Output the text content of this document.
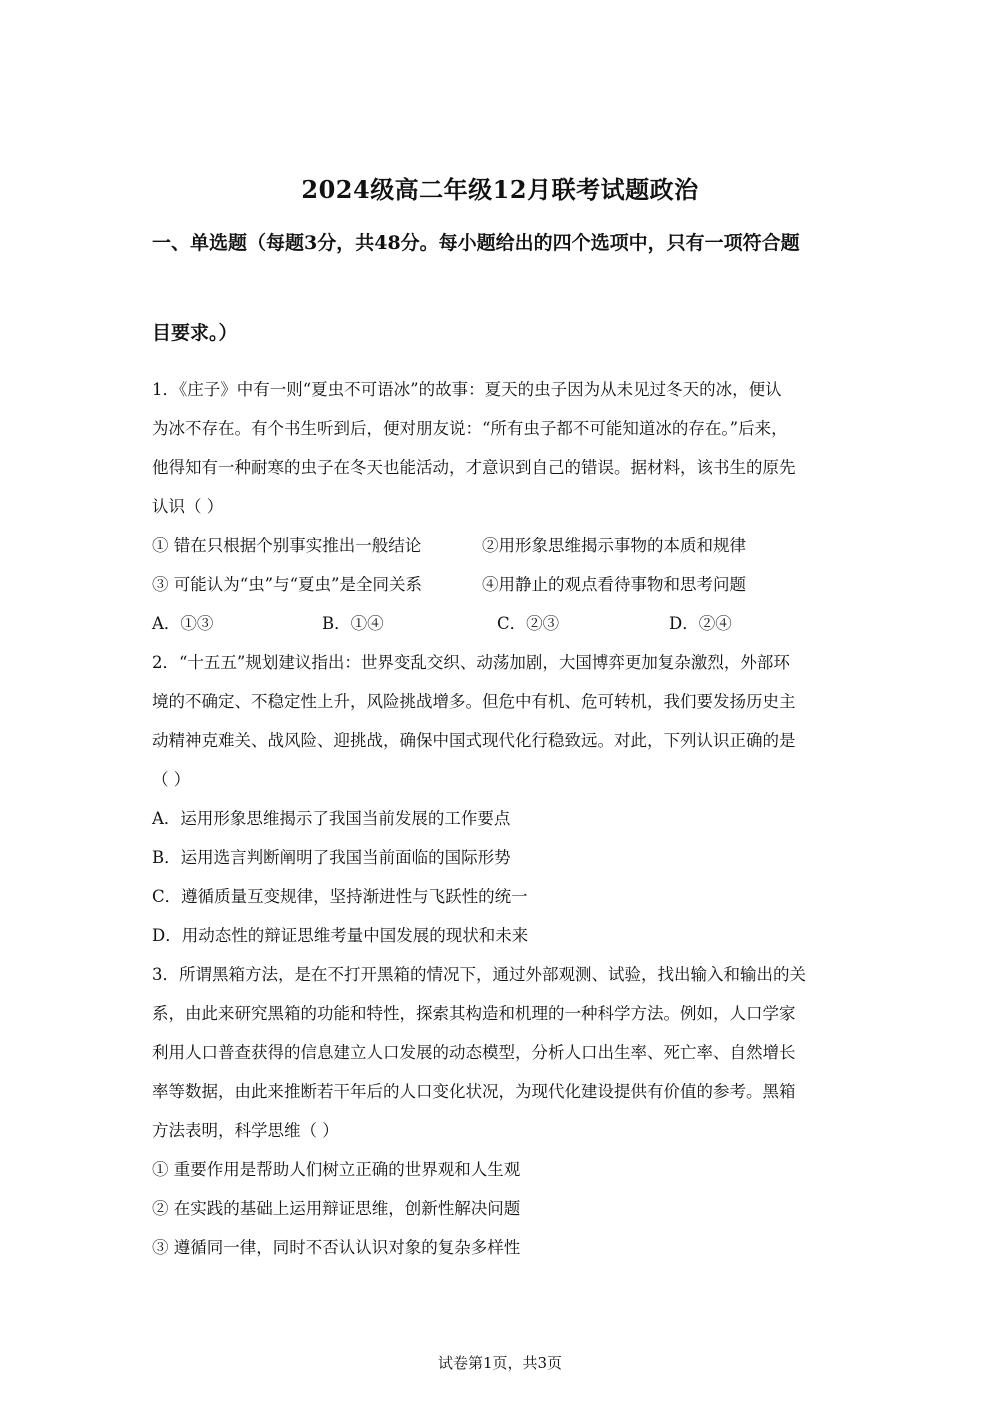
2024级高二年级12月联考试题政治
一、单选题（每题3分，共48分。每小题给出的四个选项中，只有一项符合题
目要求。）
1．《庄子》中有一则“夏虫不可语冰”的故事：夏天的虫子因为从未见过冬天的冰，便认
为冰不存在。有个书生听到后，便对朋友说：“所有虫子都不可能知道冰的存在。”后来，
他得知有一种耐寒的虫子在冬天也能活动，才意识到自己的错误。据材料，该书生的原先
认识（ ）
① 错在只根据个别事实推出一般结论	②用形象思维揭示事物的本质和规律
③ 可能认为“虫”与“夏虫”是全同关系	④用静止的观点看待事物和思考问题
A．①③	B．①④	C．②③	D．②④
2．“十五五”规划建议指出：世界变乱交织、动荡加剧，大国博弈更加复杂激烈，外部环
境的不确定、不稳定性上升，风险挑战增多。但危中有机、危可转机，我们要发扬历史主
动精神克难关、战风险、迎挑战，确保中国式现代化行稳致远。对此，下列认识正确的是
（ ）
A．运用形象思维揭示了我国当前发展的工作要点
B．运用选言判断阐明了我国当前面临的国际形势
C．遵循质量互变规律，坚持渐进性与飞跃性的统一
D．用动态性的辩证思维考量中国发展的现状和未来
3．所谓黑箱方法，是在不打开黑箱的情况下，通过外部观测、试验，找出输入和输出的关
系，由此来研究黑箱的功能和特性，探索其构造和机理的一种科学方法。例如，人口学家
利用人口普查获得的信息建立人口发展的动态模型，分析人口出生率、死亡率、自然增长
率等数据，由此来推断若干年后的人口变化状况，为现代化建设提供有价值的参考。黑箱
方法表明，科学思维（ ）
① 重要作用是帮助人们树立正确的世界观和人生观
② 在实践的基础上运用辩证思维，创新性解决问题
③ 遵循同一律，同时不否认认识对象的复杂多样性
试卷第1页，共3页
